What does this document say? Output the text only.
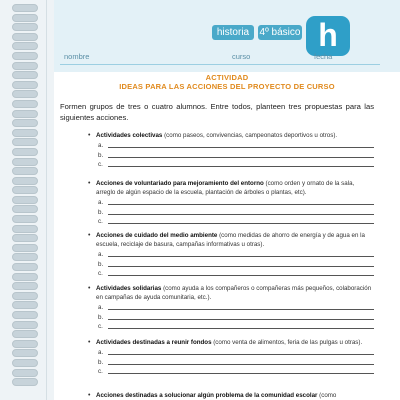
historia	4º básico h
nombre	curso	fecha
ACTIVIDAD
IDEAS PARA LAS ACCIONES DEL PROYECTO DE CURSO
Formen grupos de tres o cuatro alumnos. Entre todos, planteen tres propuestas para las siguientes acciones.
• Actividades colectivas (como paseos, convivencias, campeonatos deportivos u otros).
a.
b.
c.
• Acciones de voluntariado para mejoramiento del entorno (como orden y ornato de la sala, arreglo de algún espacio de la escuela, plantación de árboles o plantas, etc).
a.
b.
c.
• Acciones de cuidado del medio ambiente (como medidas de ahorro de energía y de agua en la escuela, reciclaje de basura, campañas informativas u otras).
a.
b.
c.
• Actividades solidarias (como ayuda a los compañeros o compañeras más pequeños, colaboración en campañas de ayuda comunitaria, etc.).
a.
b.
c.
• Actividades destinadas a reunir fondos (como venta de alimentos, feria de las pulgas u otras).
a.
b.
c.
• Acciones destinadas a solucionar algún problema de la comunidad escolar (como
